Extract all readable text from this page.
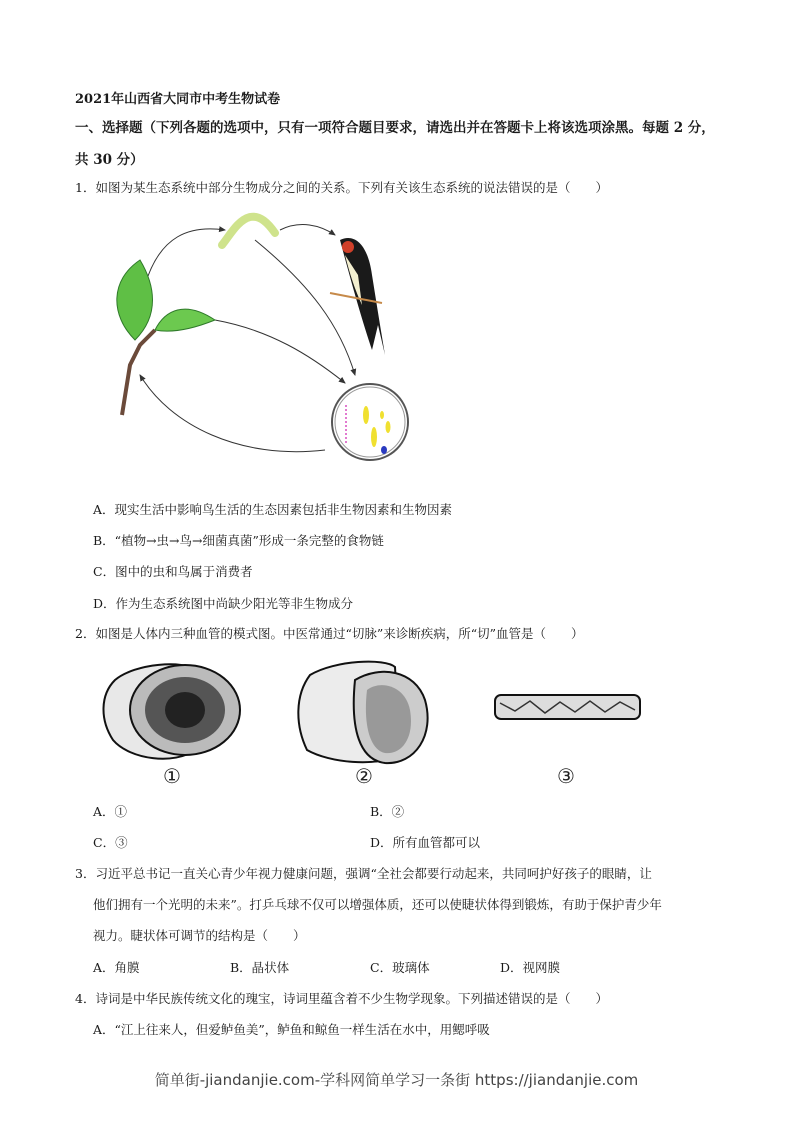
2021年山西省大同市中考生物试卷
一、选择题（下列各题的选项中，只有一项符合题目要求，请选出并在答题卡上将该选项涂黑。每题 2 分，
共 30 分）
1．如图为某生态系统中部分生物成分之间的关系。下列有关该生态系统的说法错误的是（　　）
A．现实生活中影响鸟生活的生态因素包括非生物因素和生物因素
B．“植物→虫→鸟→细菌真菌”形成一条完整的食物链
C．图中的虫和鸟属于消费者
D．作为生态系统图中尚缺少阳光等非生物成分
2．如图是人体内三种血管的模式图。中医常通过“切脉”来诊断疾病，所“切”血管是（　　）
①	②	③
A．①	B．②
C．③	D．所有血管都可以
3．习近平总书记一直关心青少年视力健康问题，强调“全社会都要行动起来，共同呵护好孩子的眼睛，让
他们拥有一个光明的未来”。打乒乓球不仅可以增强体质，还可以使睫状体得到锻炼，有助于保护青少年
视力。睫状体可调节的结构是（　　）
A．角膜	B．晶状体	C．玻璃体	D．视网膜
4．诗词是中华民族传统文化的瑰宝，诗词里蕴含着不少生物学现象。下列描述错误的是（　　）
A．“江上往来人，但爱鲈鱼美”，鲈鱼和鲸鱼一样生活在水中，用鳃呼吸
简单街-jiandanjie.com-学科网简单学习一条街 https://jiandanjie.com
